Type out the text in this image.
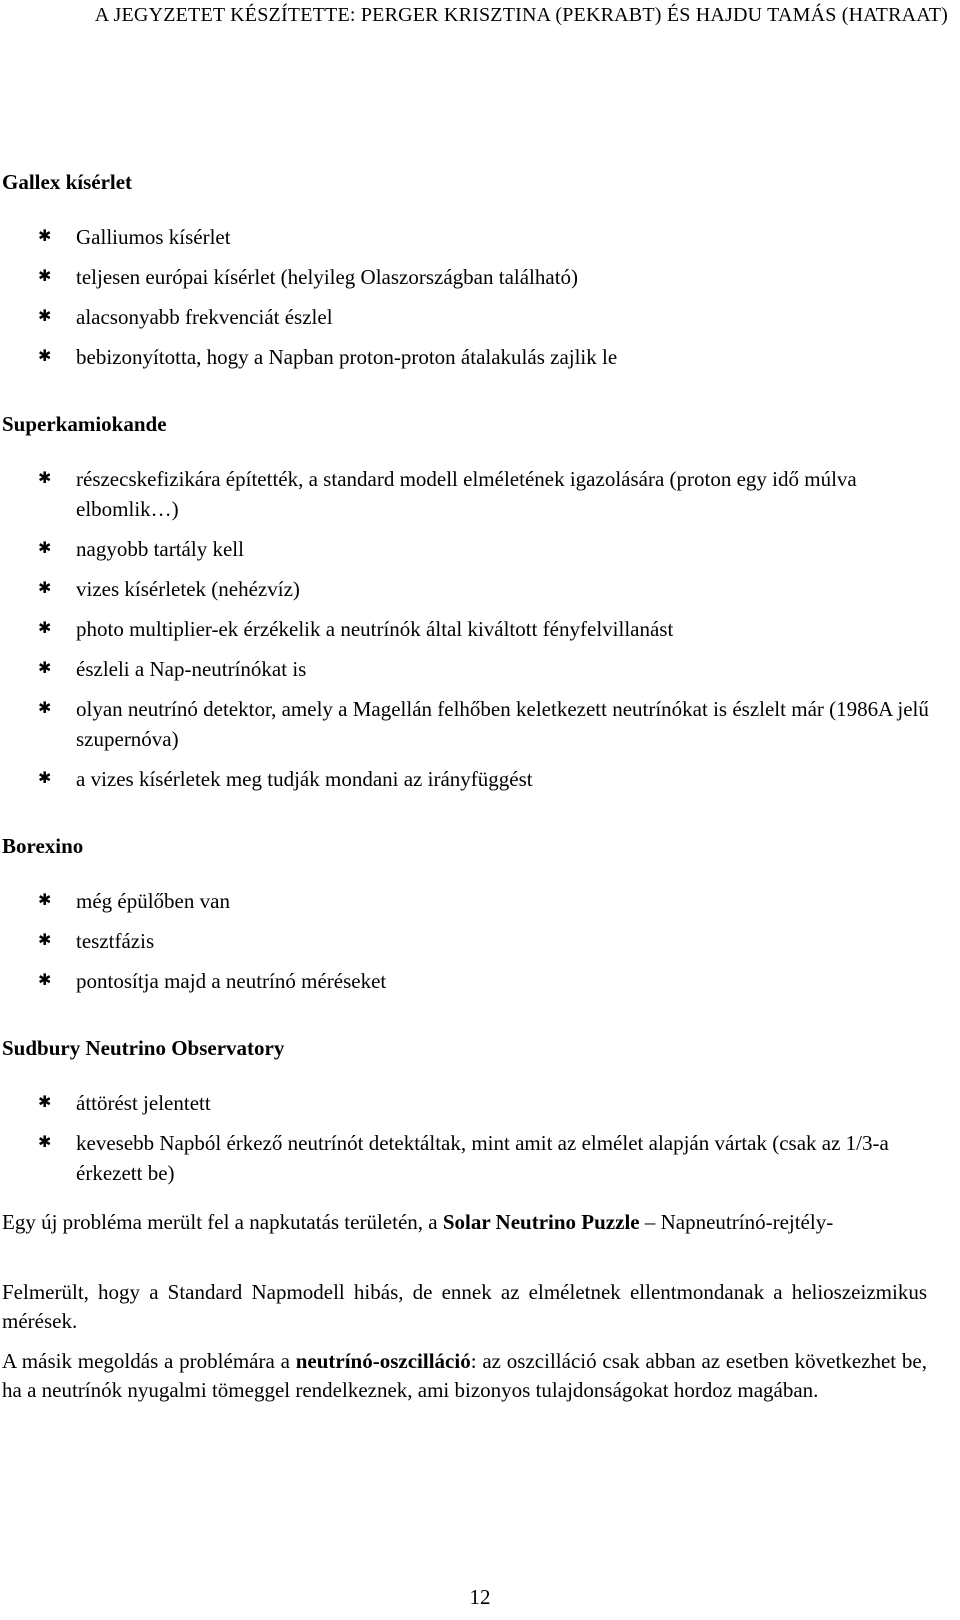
A JEGYZETET KÉSZÍTETTE: PERGER KRISZTINA (PEKRABT) ÉS HAJDU TAMÁS (HATRAAT)
Gallex kísérlet
✱ Galliumos kísérlet
✱ teljesen európai kísérlet (helyileg Olaszországban található)
✱ alacsonyabb frekvenciát észlel
✱ bebizonyította, hogy a Napban proton-proton átalakulás zajlik le
Superkamiokande
✱ részecskefizikára építették, a standard modell elméletének igazolására (proton egy idő múlva elbomlik…)
✱ nagyobb tartály kell
✱ vizes kísérletek (nehézvíz)
✱ photo multiplier-ek érzékelik a neutrínók által kiváltott fényfelvillanást
✱ észleli a Nap-neutrínókat is
✱ olyan neutrínó detektor, amely a Magellán felhőben keletkezett neutrínókat is észlelt már (1986A jelű szupernóva)
✱ a vizes kísérletek meg tudják mondani az irányfüggést
Borexino
✱ még épülőben van
✱ tesztfázis
✱ pontosítja majd a neutrínó méréseket
Sudbury Neutrino Observatory
✱ áttörést jelentett
✱ kevesebb Napból érkező neutrínót detektáltak, mint amit az elmélet alapján vártak (csak az 1/3-a érkezett be)
Egy új probléma merült fel a napkutatás területén, a Solar Neutrino Puzzle – Napneutrínó-rejtély-
Felmerült, hogy a Standard Napmodell hibás, de ennek az elméletnek ellentmondanak a helioszeizmikus mérések.
A másik megoldás a problémára a neutrínó-oszcilláció: az oszcilláció csak abban az esetben következhet be, ha a neutrínók nyugalmi tömeggel rendelkeznek, ami bizonyos tulajdonságokat hordoz magában.
12
